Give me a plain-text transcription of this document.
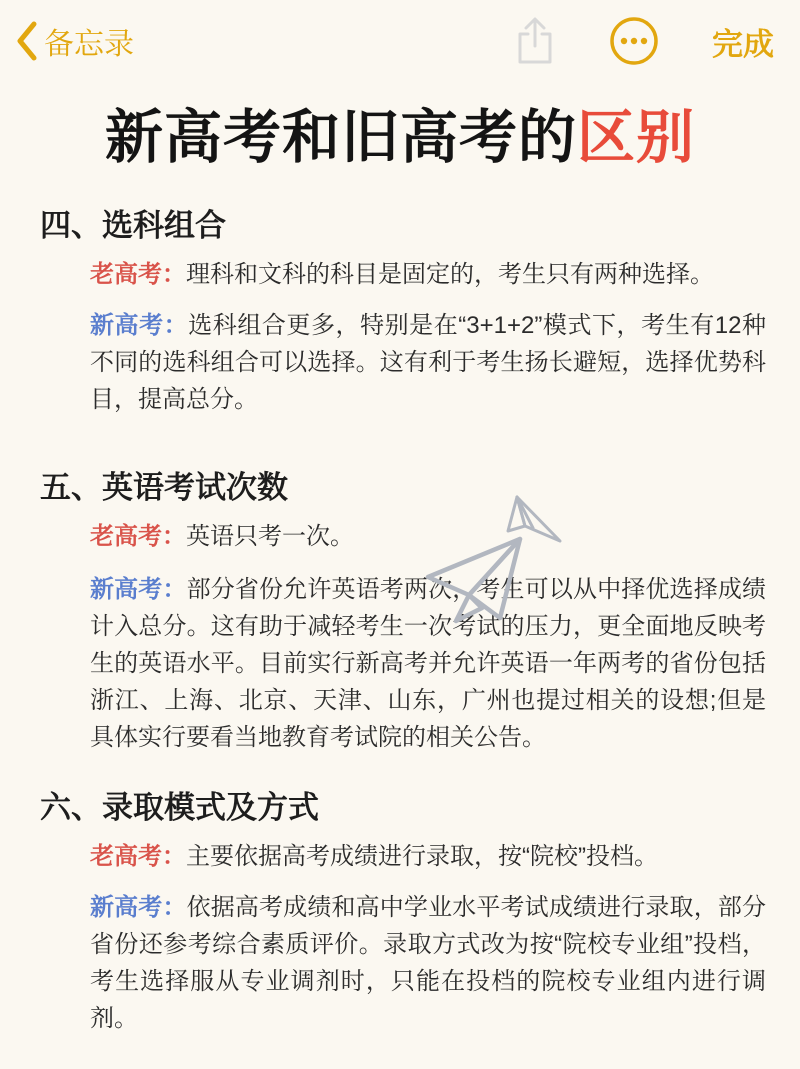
备忘录	完成
新高考和旧高考的区别
四、选科组合

老高考：理科和文科的科目是固定的，考生只有两种选择。

新高考：选科组合更多，特别是在“3+1+2”模式下，考生有12种不同的选科组合可以选择。这有利于考生扬长避短，选择优势科目，提高总分。

五、英语考试次数

老高考：英语只考一次。

新高考：部分省份允许英语考两次，考生可以从中择优选择成绩计入总分。这有助于减轻考生一次考试的压力，更全面地反映考生的英语水平。目前实行新高考并允许英语一年两考的省份包括浙江、上海、北京、天津、山东，广州也提过相关的设想;但是具体实行要看当地教育考试院的相关公告。

六、录取模式及方式

老高考：主要依据高考成绩进行录取，按“院校”投档。

新高考：依据高考成绩和高中学业水平考试成绩进行录取，部分省份还参考综合素质评价。录取方式改为按“院校专业组”投档，考生选择服从专业调剂时，只能在投档的院校专业组内进行调剂。
